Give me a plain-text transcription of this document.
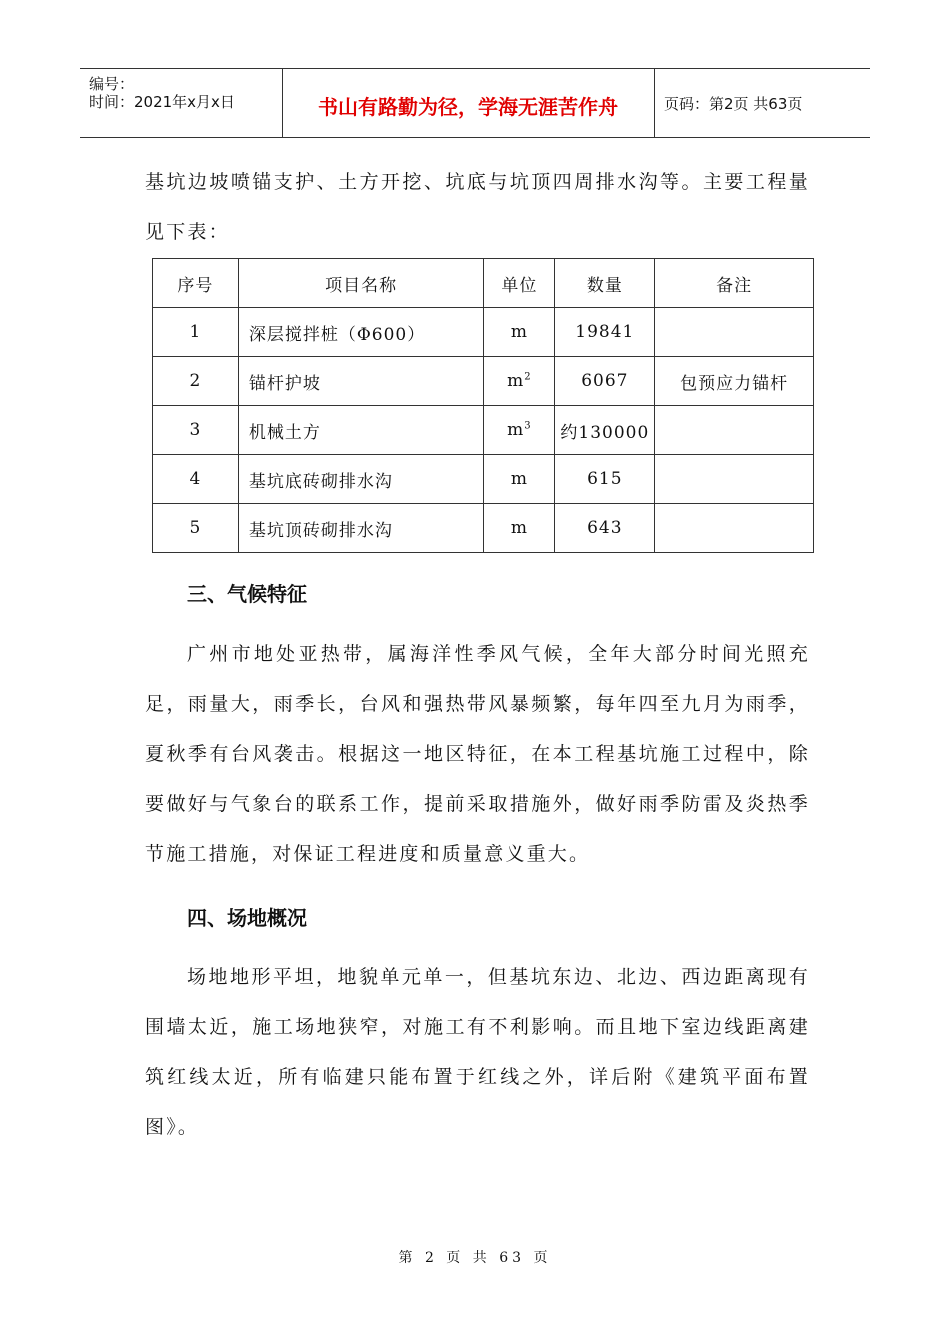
编号：
时间：2021年x月x日	书山有路勤为径，学海无涯苦作舟	页码：第2页 共63页

基坑边坡喷锚支护、土方开挖、坑底与坑顶四周排水沟等。主要工程量见下表：

序号	项目名称	单位	数量	备注
1	深层搅拌桩（Φ600）	m	19841	
2	锚杆护坡	$m^2$	6067	包预应力锚杆
3	机械土方	$m^3$	约130000	
4	基坑底砖砌排水沟	m	615	
5	基坑顶砖砌排水沟	m	643	
三、气候特征

广州市地处亚热带，属海洋性季风气候，全年大部分时间光照充足，雨量大，雨季长，台风和强热带风暴频繁，每年四至九月为雨季，夏秋季有台风袭击。根据这一地区特征，在本工程基坑施工过程中，除要做好与气象台的联系工作，提前采取措施外，做好雨季防雷及炎热季节施工措施，对保证工程进度和质量意义重大。

四、场地概况

场地地形平坦，地貌单元单一，但基坑东边、北边、西边距离现有围墙太近，施工场地狭窄，对施工有不利影响。而且地下室边线距离建筑红线太近，所有临建只能布置于红线之外，详后附《建筑平面布置图》。

第 2 页 共 63 页
